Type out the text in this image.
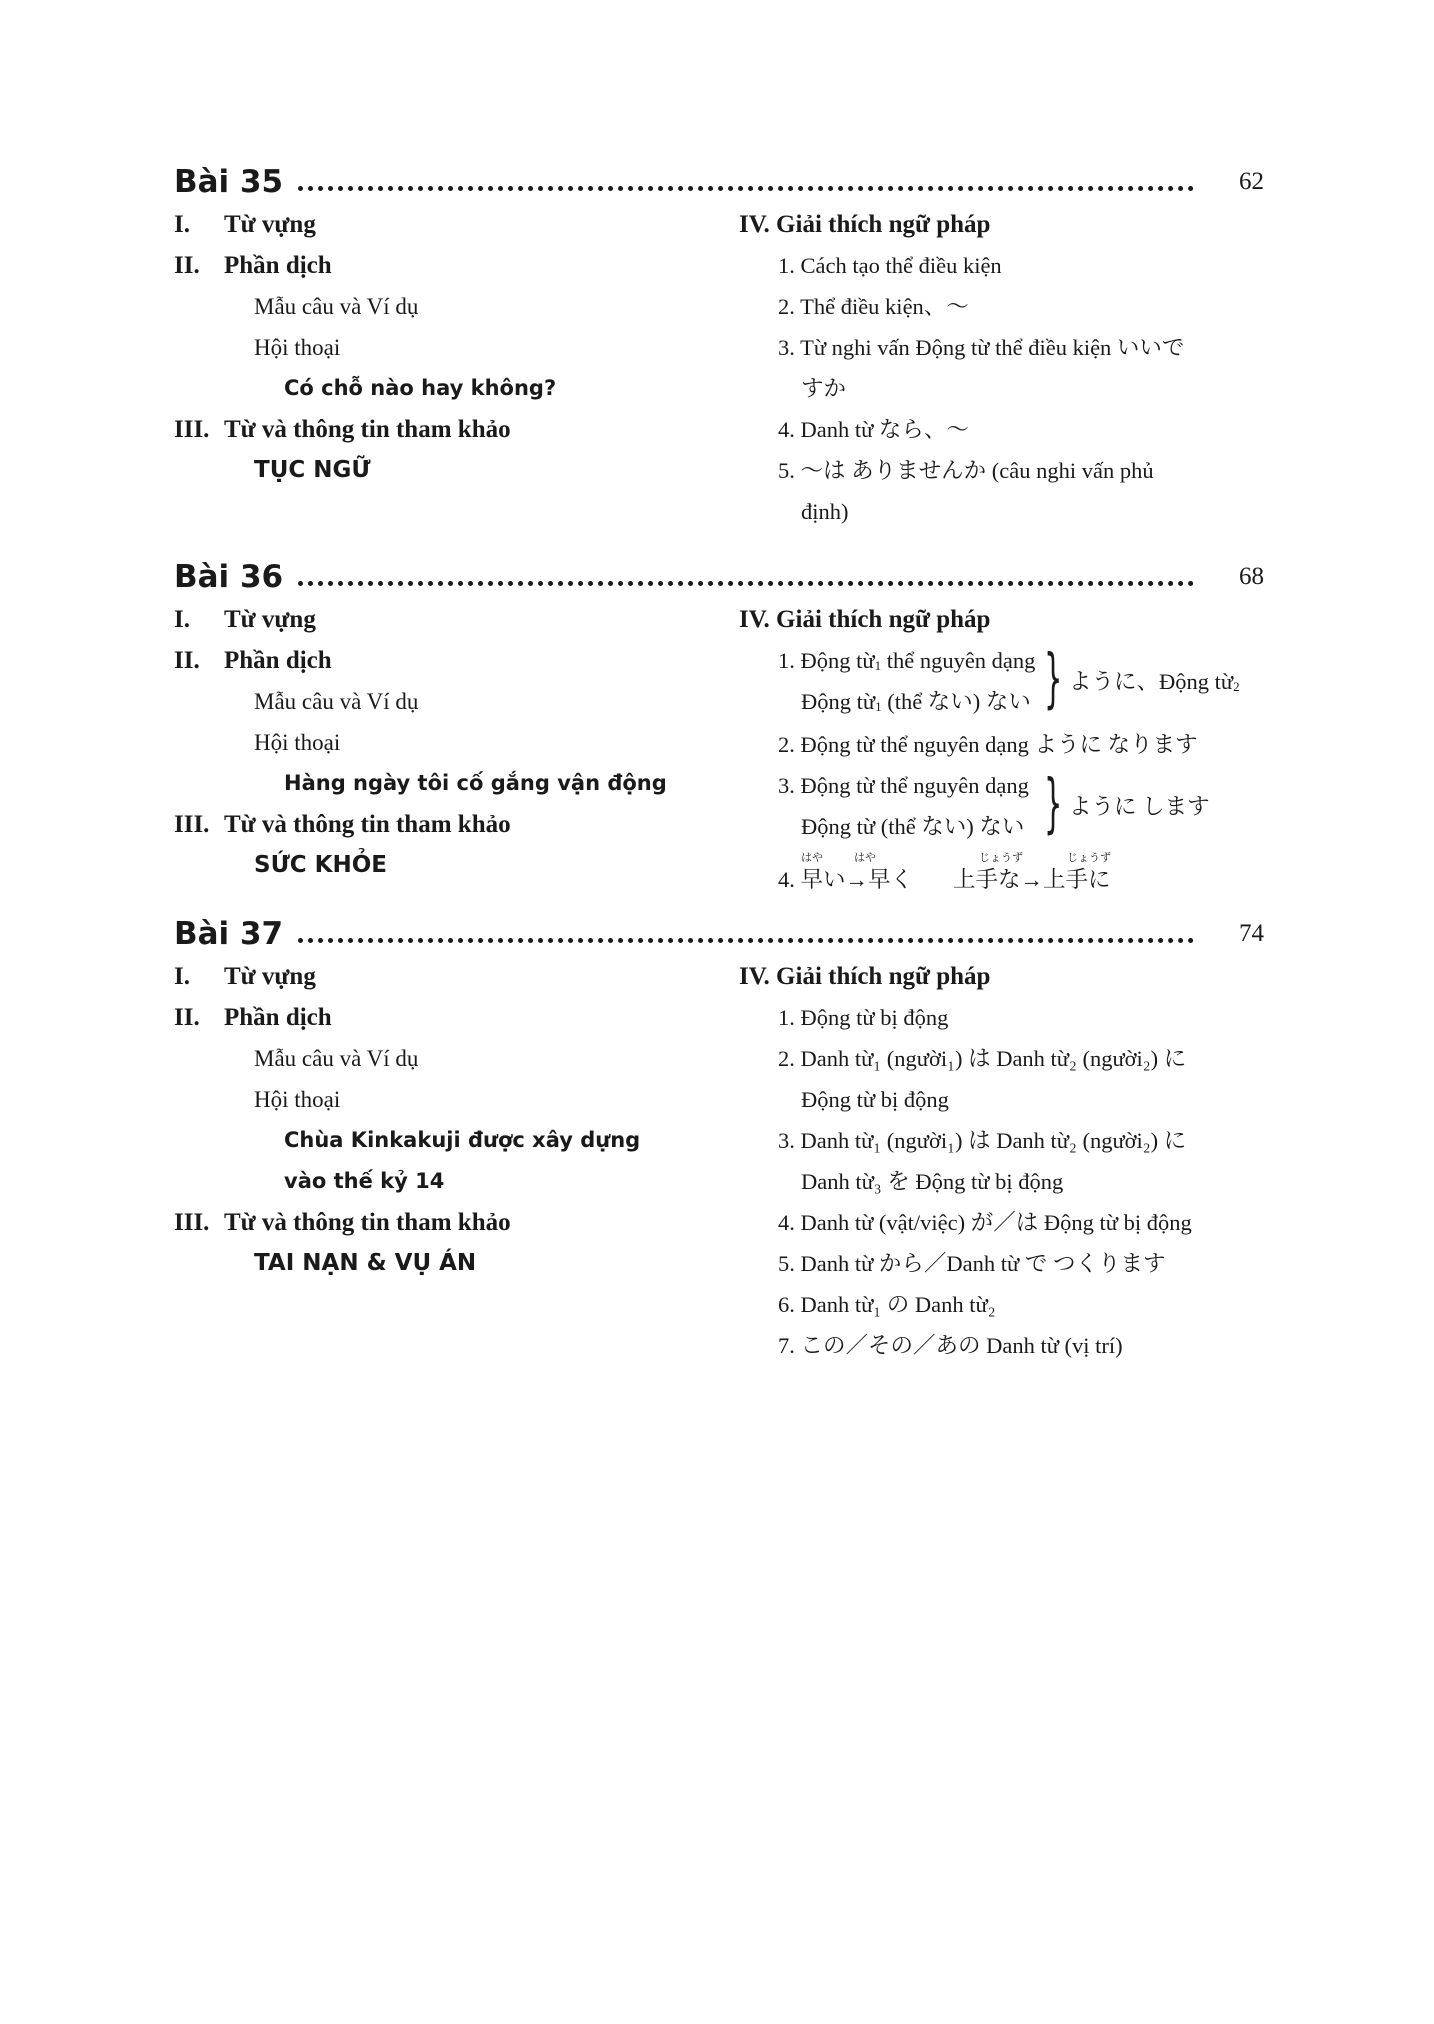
Bài 35	62
I. Từ vựng
II. Phần dịch
Mẫu câu và Ví dụ
Hội thoại
Có chỗ nào hay không?
III. Từ và thông tin tham khảo
TỤC NGỮ
IV. Giải thích ngữ pháp
1. Cách tạo thể điều kiện
2. Thể điều kiện、～
3. Từ nghi vấn Động từ thể điều kiện いいで
すか
4. Danh từ なら、～
5. ～は ありませんか (câu nghi vấn phủ
định)
Bài 36	68
I. Từ vựng
II. Phần dịch
Mẫu câu và Ví dụ
Hội thoại
Hàng ngày tôi cố gắng vận động
III. Từ và thông tin tham khảo
SỨC KHỎE
IV. Giải thích ngữ pháp
1. Động từ$_1$ thể nguyên dạng
Động từ$_1$ (thể ない) ない } ように、Động từ$_2$
2. Động từ thể nguyên dạng ように なります
3. Động từ thể nguyên dạng
Động từ (thể ない) ない } ように します
はや	はや	じょうず	じょうず
4. 早い→早く 上手な→上手に
Bài 37	74
I. Từ vựng
II. Phần dịch
Mẫu câu và Ví dụ
Hội thoại
Chùa Kinkakuji được xây dựng
vào thế kỷ 14
III. Từ và thông tin tham khảo
TAI NẠN & VỤ ÁN
IV. Giải thích ngữ pháp
1. Động từ bị động
2. Danh từ₁ (người₁) は Danh từ₂ (người₂) に
Động từ bị động
3. Danh từ₁ (người₁) は Danh từ₂ (người₂) に
Danh từ₃ を Động từ bị động
4. Danh từ (vật/việc) が／は Động từ bị động
5. Danh từ から／Danh từ で つくります
6. Danh từ₁ の Danh từ₂
7. この／その／あの Danh từ (vị trí)
